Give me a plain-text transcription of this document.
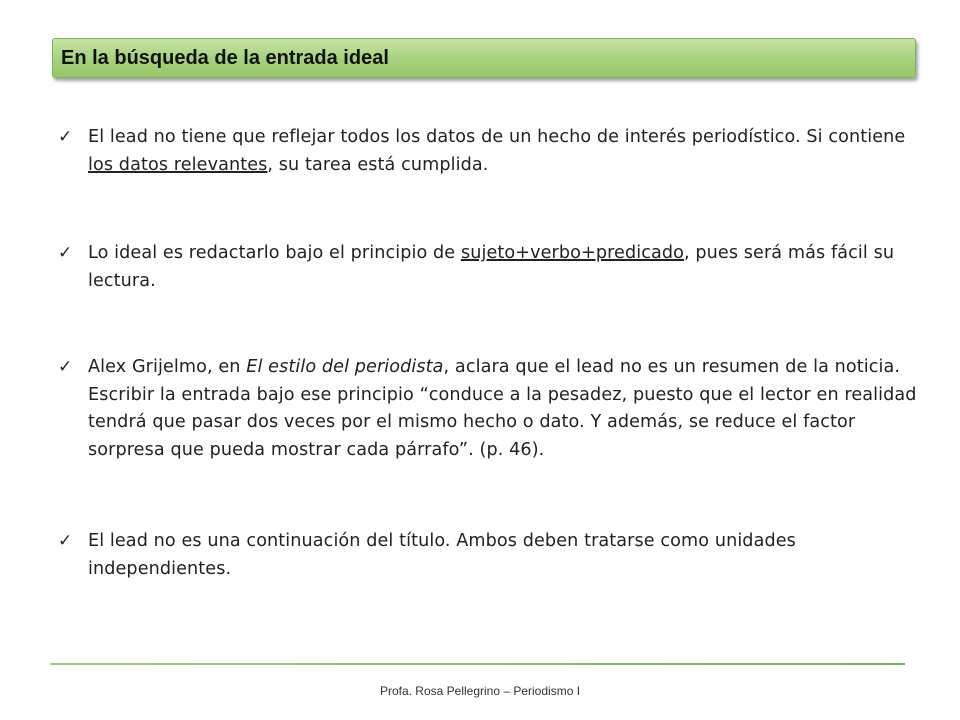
En la búsqueda de la entrada ideal
✓ El lead no tiene que reflejar todos los datos de un hecho de interés periodístico. Si contiene los datos relevantes, su tarea está cumplida.
✓ Lo ideal es redactarlo bajo el principio de sujeto+verbo+predicado, pues será más fácil su lectura.
✓ Alex Grijelmo, en El estilo del periodista, aclara que el lead no es un resumen de la noticia. Escribir la entrada bajo ese principio “conduce a la pesadez, puesto que el lector en realidad tendrá que pasar dos veces por el mismo hecho o dato. Y además, se reduce el factor sorpresa que pueda mostrar cada párrafo”. (p. 46).
✓ El lead no es una continuación del título. Ambos deben tratarse como unidades independientes.
Profa. Rosa Pellegrino – Periodismo I
